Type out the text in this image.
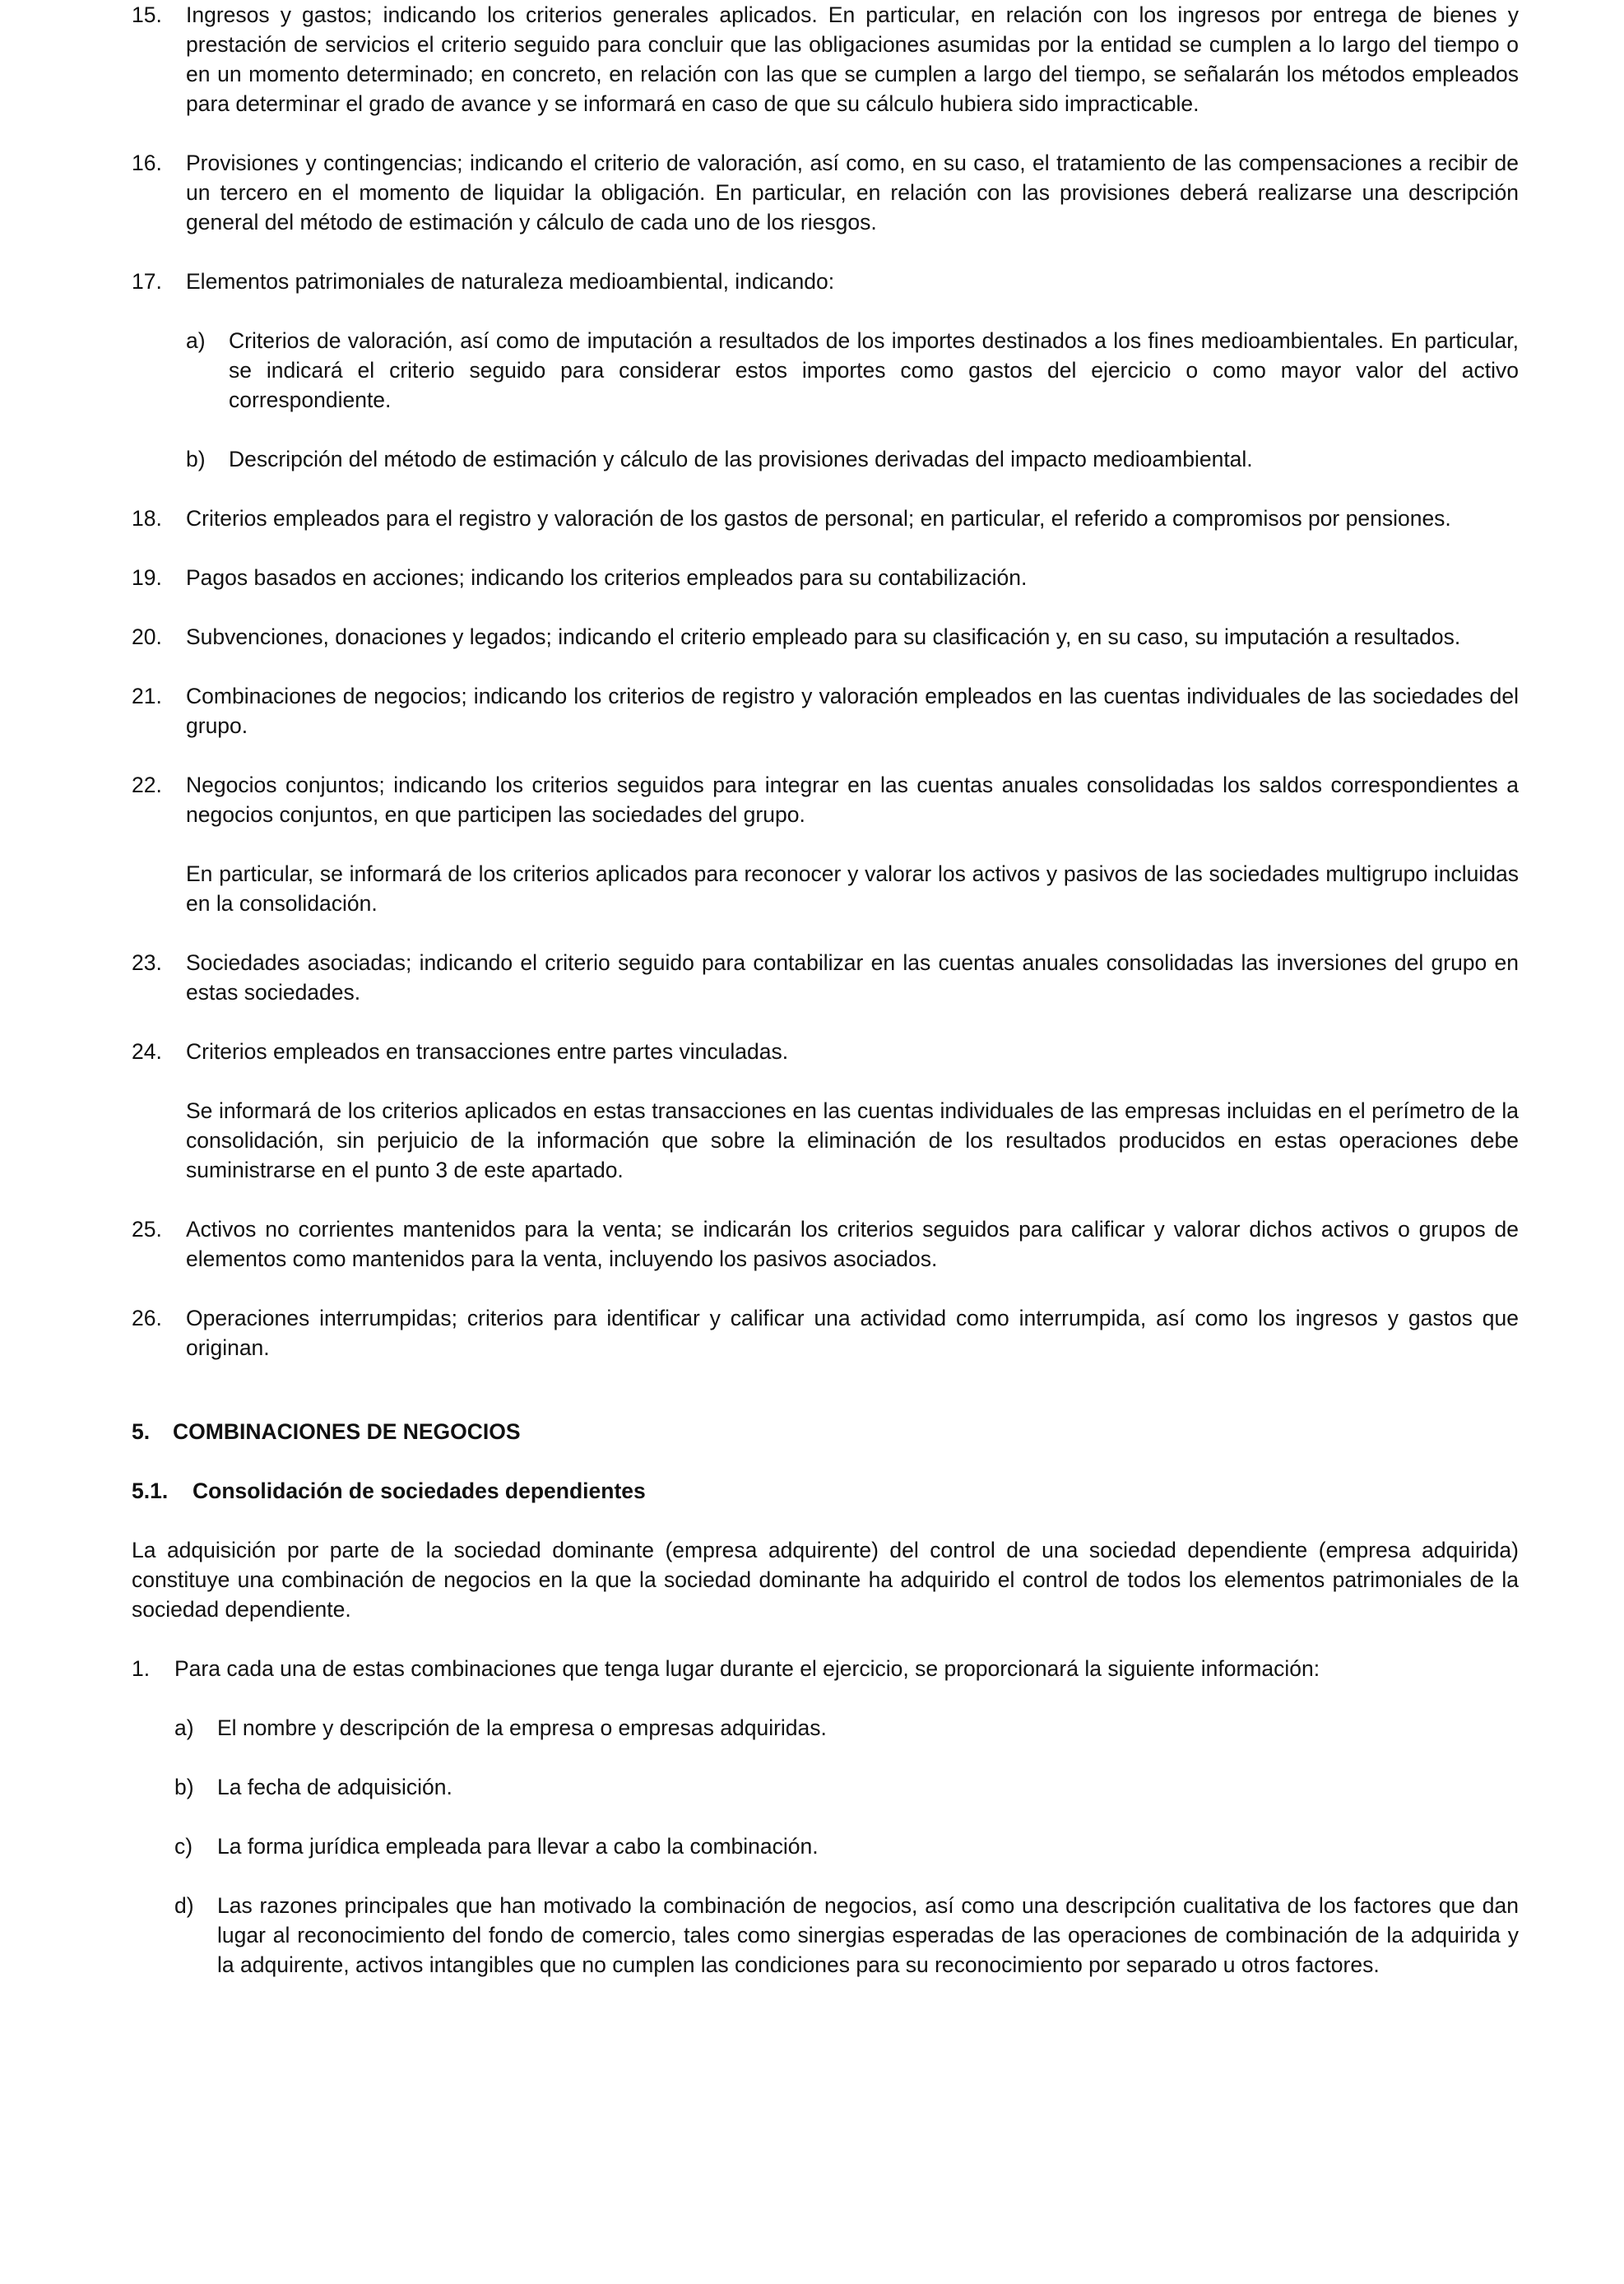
15.	Ingresos y gastos; indicando los criterios generales aplicados. En particular, en relación con los ingresos por entrega de bienes y prestación de servicios el criterio seguido para concluir que las obligaciones asumidas por la entidad se cumplen a lo largo del tiempo o en un momento determinado; en concreto, en relación con las que se cumplen a largo del tiempo, se señalarán los métodos empleados para determinar el grado de avance y se informará en caso de que su cálculo hubiera sido impracticable.
16.	Provisiones y contingencias; indicando el criterio de valoración, así como, en su caso, el tratamiento de las compensaciones a recibir de un tercero en el momento de liquidar la obligación. En particular, en relación con las provisiones deberá realizarse una descripción general del método de estimación y cálculo de cada uno de los riesgos.
17.	Elementos patrimoniales de naturaleza medioambiental, indicando:
a)	Criterios de valoración, así como de imputación a resultados de los importes destinados a los fines medioambientales. En particular, se indicará el criterio seguido para considerar estos importes como gastos del ejercicio o como mayor valor del activo correspondiente.
b)	Descripción del método de estimación y cálculo de las provisiones derivadas del impacto medioambiental.
18.	Criterios empleados para el registro y valoración de los gastos de personal; en particular, el referido a compromisos por pensiones.
19.	Pagos basados en acciones; indicando los criterios empleados para su contabilización.
20.	Subvenciones, donaciones y legados; indicando el criterio empleado para su clasificación y, en su caso, su imputación a resultados.
21.	Combinaciones de negocios; indicando los criterios de registro y valoración empleados en las cuentas individuales de las sociedades del grupo.
22.	Negocios conjuntos; indicando los criterios seguidos para integrar en las cuentas anuales consolidadas los saldos correspondientes a negocios conjuntos, en que participen las sociedades del grupo.
En particular, se informará de los criterios aplicados para reconocer y valorar los activos y pasivos de las sociedades multigrupo incluidas en la consolidación.
23.	Sociedades asociadas; indicando el criterio seguido para contabilizar en las cuentas anuales consolidadas las inversiones del grupo en estas sociedades.
24.	Criterios empleados en transacciones entre partes vinculadas.
Se informará de los criterios aplicados en estas transacciones en las cuentas individuales de las empresas incluidas en el perímetro de la consolidación, sin perjuicio de la información que sobre la eliminación de los resultados producidos en estas operaciones debe suministrarse en el punto 3 de este apartado.
25.	Activos no corrientes mantenidos para la venta; se indicarán los criterios seguidos para calificar y valorar dichos activos o grupos de elementos como mantenidos para la venta, incluyendo los pasivos asociados.
26.	Operaciones interrumpidas; criterios para identificar y calificar una actividad como interrumpida, así como los ingresos y gastos que originan.
5.	COMBINACIONES DE NEGOCIOS
5.1.	Consolidación de sociedades dependientes
La adquisición por parte de la sociedad dominante (empresa adquirente) del control de una sociedad dependiente (empresa adquirida) constituye una combinación de negocios en la que la sociedad dominante ha adquirido el control de todos los elementos patrimoniales de la sociedad dependiente.
1.	Para cada una de estas combinaciones que tenga lugar durante el ejercicio, se proporcionará la siguiente información:
a)	El nombre y descripción de la empresa o empresas adquiridas.
b)	La fecha de adquisición.
c)	La forma jurídica empleada para llevar a cabo la combinación.
d)	Las razones principales que han motivado la combinación de negocios, así como una descripción cualitativa de los factores que dan lugar al reconocimiento del fondo de comercio, tales como sinergias esperadas de las operaciones de combinación de la adquirida y la adquirente, activos intangibles que no cumplen las condiciones para su reconocimiento por separado u otros factores.
